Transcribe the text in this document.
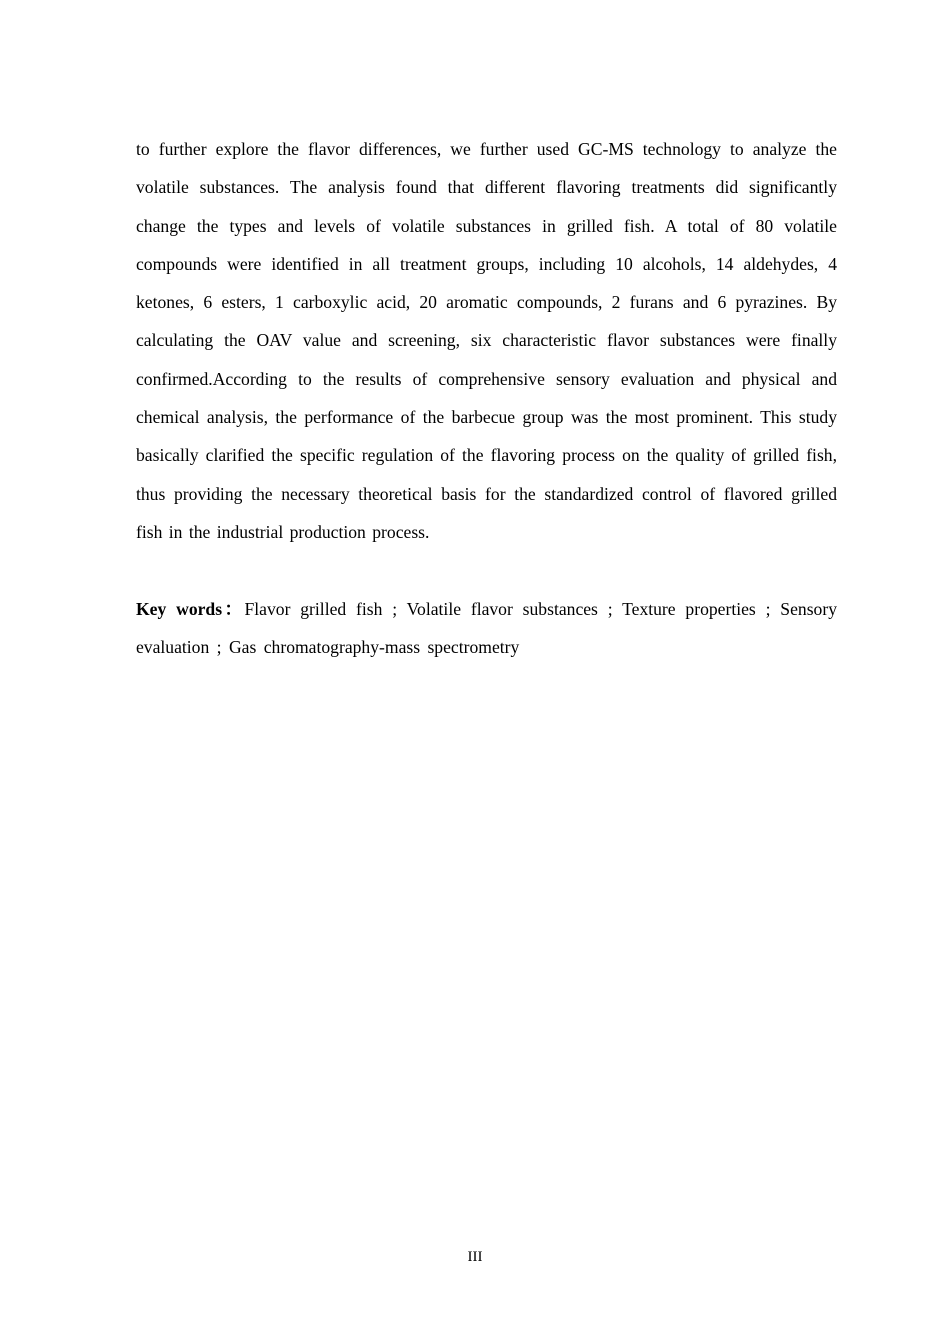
to further explore the flavor differences, we further used GC-MS technology to analyze the volatile substances. The analysis found that different flavoring treatments did significantly change the types and levels of volatile substances in grilled fish. A total of 80 volatile compounds were identified in all treatment groups, including 10 alcohols, 14 aldehydes, 4 ketones, 6 esters, 1 carboxylic acid, 20 aromatic compounds, 2 furans and 6 pyrazines. By calculating the OAV value and screening, six characteristic flavor substances were finally confirmed.According to the results of comprehensive sensory evaluation and physical and chemical analysis, the performance of the barbecue group was the most prominent. This study basically clarified the specific regulation of the flavoring process on the quality of grilled fish, thus providing the necessary theoretical basis for the standardized control of flavored grilled fish in the industrial production process.

Key words：Flavor grilled fish ; Volatile flavor substances ; Texture properties ; Sensory evaluation ; Gas chromatography-mass spectrometry

III
